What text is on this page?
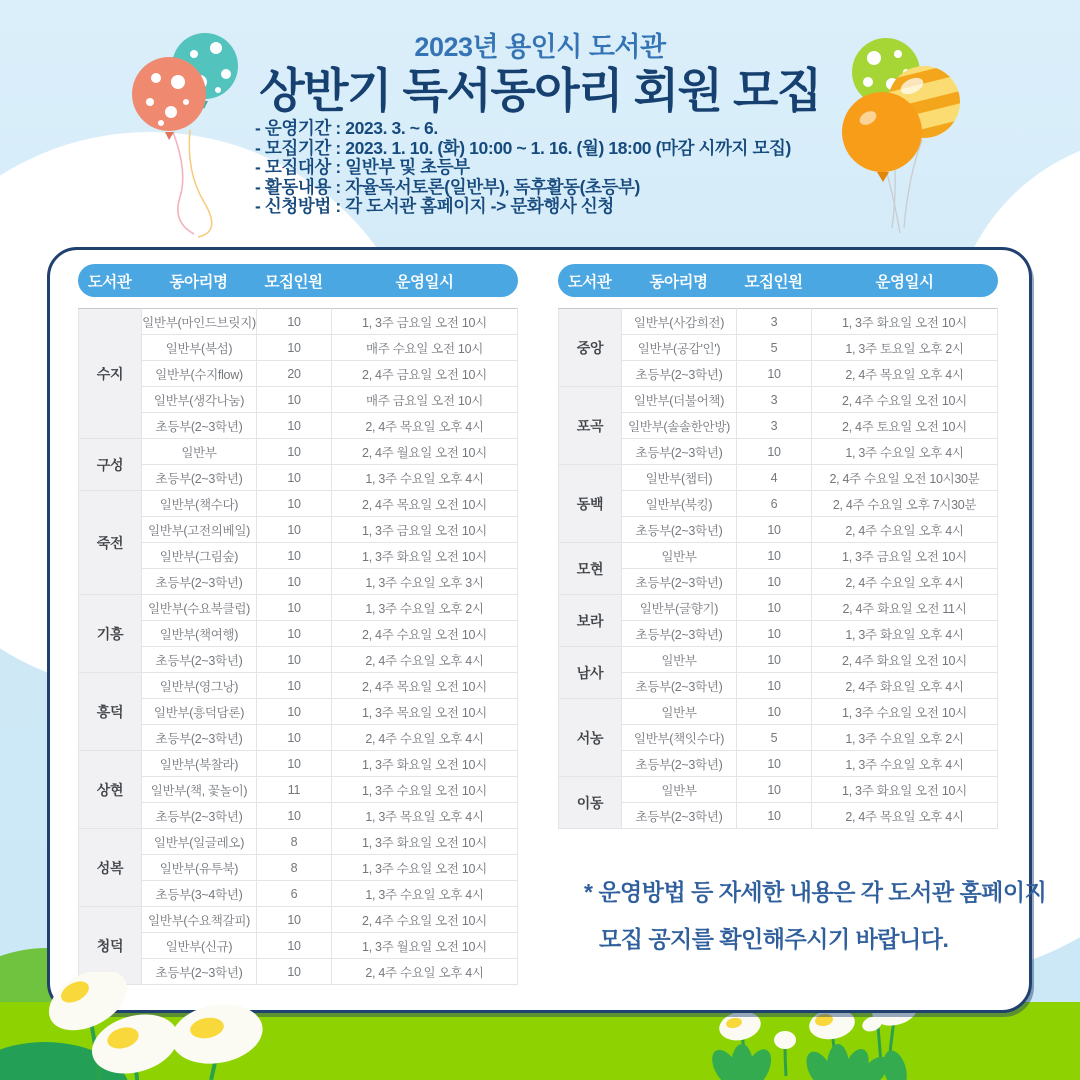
2023년 용인시 도서관
상반기 독서동아리 회원 모집
- 운영기간 : 2023. 3. ~ 6.
- 모집기간 : 2023. 1. 10. (화) 10:00 ~ 1. 16. (월) 18:00 (마감 시까지 모집)
- 모집대상 : 일반부 및 초등부
- 활동내용 : 자율독서토론(일반부), 독후활동(초등부)
- 신청방법 : 각 도서관 홈페이지 -> 문화행사 신청
도서관	동아리명	모집인원	운영일시	도서관	동아리명	모집인원	운영일시
수지	일반부(마인드브릿지)	10	1, 3주 금요일 오전 10시
	일반부(북섬)	10	매주 수요일 오전 10시
	일반부(수지flow)	20	2, 4주 금요일 오전 10시
	일반부(생각나눔)	10	매주 금요일 오전 10시
	초등부(2~3학년)	10	2, 4주 목요일 오후 4시
구성	일반부	10	2, 4주 월요일 오전 10시
	초등부(2~3학년)	10	1, 3주 수요일 오후 4시
죽전	일반부(책수다)	10	2, 4주 목요일 오전 10시
	일반부(고전의베일)	10	1, 3주 금요일 오전 10시
	일반부(그림숲)	10	1, 3주 화요일 오전 10시
	초등부(2~3학년)	10	1, 3주 수요일 오후 3시
기흥	일반부(수요북클럽)	10	1, 3주 수요일 오후 2시
	일반부(책여행)	10	2, 4주 수요일 오전 10시
	초등부(2~3학년)	10	2, 4주 수요일 오후 4시
흥덕	일반부(영그낭)	10	2, 4주 목요일 오전 10시
	일반부(흥덕담론)	10	1, 3주 목요일 오전 10시
	초등부(2~3학년)	10	2, 4주 수요일 오후 4시
상현	일반부(북찰라)	10	1, 3주 화요일 오전 10시
	일반부(책, 꽃놀이)	11	1, 3주 수요일 오전 10시
	초등부(2~3학년)	10	1, 3주 목요일 오후 4시
성복	일반부(일글레오)	8	1, 3주 화요일 오전 10시
	일반부(유투북)	8	1, 3주 수요일 오전 10시
	초등부(3~4학년)	6	1, 3주 수요일 오후 4시
청덕	일반부(수요책갈피)	10	2, 4주 수요일 오전 10시
	일반부(신규)	10	1, 3주 월요일 오전 10시
	초등부(2~3학년)	10	2, 4주 수요일 오후 4시
중앙	일반부(사감희전)	3	1, 3주 화요일 오전 10시
	일반부(공감'인')	5	1, 3주 토요일 오후 2시
	초등부(2~3학년)	10	2, 4주 목요일 오후 4시
포곡	일반부(더불어책)	3	2, 4주 수요일 오전 10시
	일반부(솔솔한안방)	3	2, 4주 토요일 오전 10시
	초등부(2~3학년)	10	1, 3주 수요일 오후 4시
동백	일반부(챕터)	4	2, 4주 수요일 오전 10시30분
	일반부(북킹)	6	2, 4주 수요일 오후 7시30분
	초등부(2~3학년)	10	2, 4주 수요일 오후 4시
모현	일반부	10	1, 3주 금요일 오전 10시
	초등부(2~3학년)	10	2, 4주 수요일 오후 4시
보라	일반부(글향기)	10	2, 4주 화요일 오전 11시
	초등부(2~3학년)	10	1, 3주 화요일 오후 4시
남사	일반부	10	2, 4주 화요일 오전 10시
	초등부(2~3학년)	10	2, 4주 화요일 오후 4시
서농	일반부	10	1, 3주 수요일 오전 10시
	일반부(책잇수다)	5	1, 3주 수요일 오후 2시
	초등부(2~3학년)	10	1, 3주 수요일 오후 4시
이동	일반부	10	1, 3주 화요일 오전 10시
	초등부(2~3학년)	10	2, 4주 목요일 오후 4시
* 운영방법 등 자세한 내용은 각 도서관 홈페이지
모집 공지를 확인해주시기 바랍니다.
